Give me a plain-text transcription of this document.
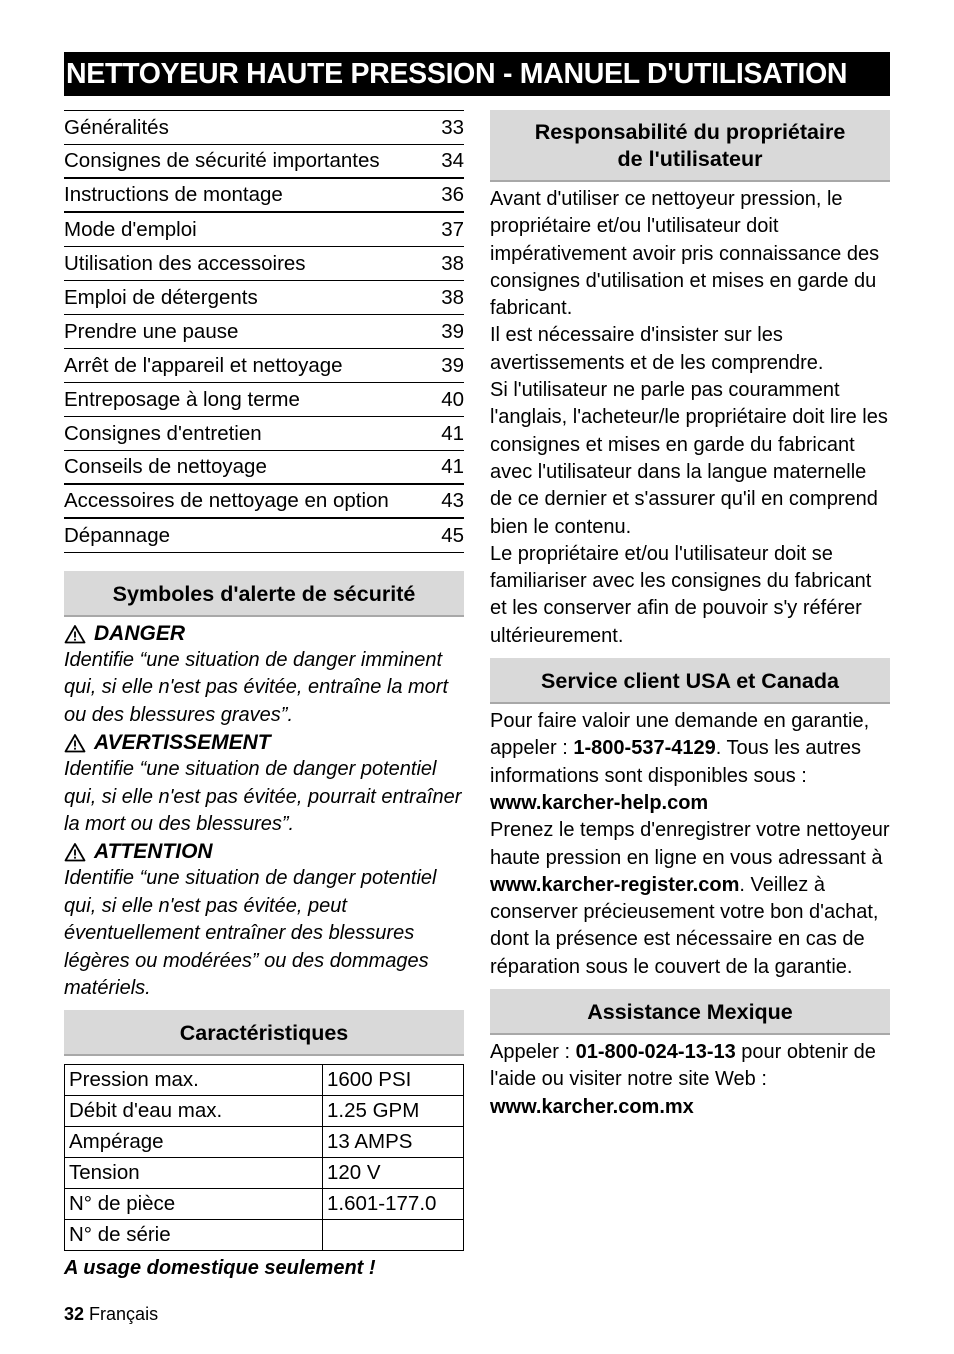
NETTOYEUR HAUTE PRESSION - MANUEL D'UTILISATION
Généralités	33
Consignes de sécurité importantes	34
Instructions de montage	36
Mode d'emploi	37
Utilisation des accessoires	38
Emploi de détergents	38
Prendre une pause	39
Arrêt de l'appareil et nettoyage	39
Entreposage à long terme	40
Consignes d'entretien	41
Conseils de nettoyage	41
Accessoires de nettoyage en option	43
Dépannage	45
Symboles d'alerte de sécurité
DANGER
Identifie “une situation de danger imminent qui, si elle n'est pas évitée, entraîne la mort ou des blessures graves”.
AVERTISSEMENT
Identifie “une situation de danger potentiel qui, si elle n'est pas évitée, pourrait entraîner la mort ou des blessures”.
ATTENTION
Identifie “une situation de danger potentiel qui, si elle n'est pas évitée, peut éventuellement entraîner des blessures légères ou modérées” ou des dommages matériels.
Caractéristiques
Pression max.	1600 PSI
Débit d'eau max.	1.25 GPM
Ampérage	13 AMPS
Tension	120 V
N° de pièce	1.601-177.0
N° de série	
A usage domestique seulement !
Responsabilité du propriétaire
de l'utilisateur
Avant d'utiliser ce nettoyeur pression, le propriétaire et/ou l'utilisateur doit impérativement avoir pris connaissance des consignes d'utilisation et mises en garde du fabricant.
Il est nécessaire d'insister sur les avertissements et de les comprendre.
Si l'utilisateur ne parle pas couramment l'anglais, l'acheteur/le propriétaire doit lire les consignes et mises en garde du fabricant avec l'utilisateur dans la langue maternelle de ce dernier et s'assurer qu'il en comprend bien le contenu.
Le propriétaire et/ou l'utilisateur doit se familiariser avec les consignes du fabricant et les conserver afin de pouvoir s'y référer ultérieurement.
Service client USA et Canada
Pour faire valoir une demande en garantie, appeler : 1-800-537-4129. Tous les autres informations sont disponibles sous : www.karcher-help.com
Prenez le temps d'enregistrer votre nettoyeur haute pression en ligne en vous adressant à www.karcher-register.com. Veillez à conserver précieusement votre bon d'achat, dont la présence est nécessaire en cas de réparation sous le couvert de la garantie.
Assistance Mexique
Appeler : 01-800-024-13-13 pour obtenir de l'aide ou visiter notre site Web : www.karcher.com.mx
32 Français
